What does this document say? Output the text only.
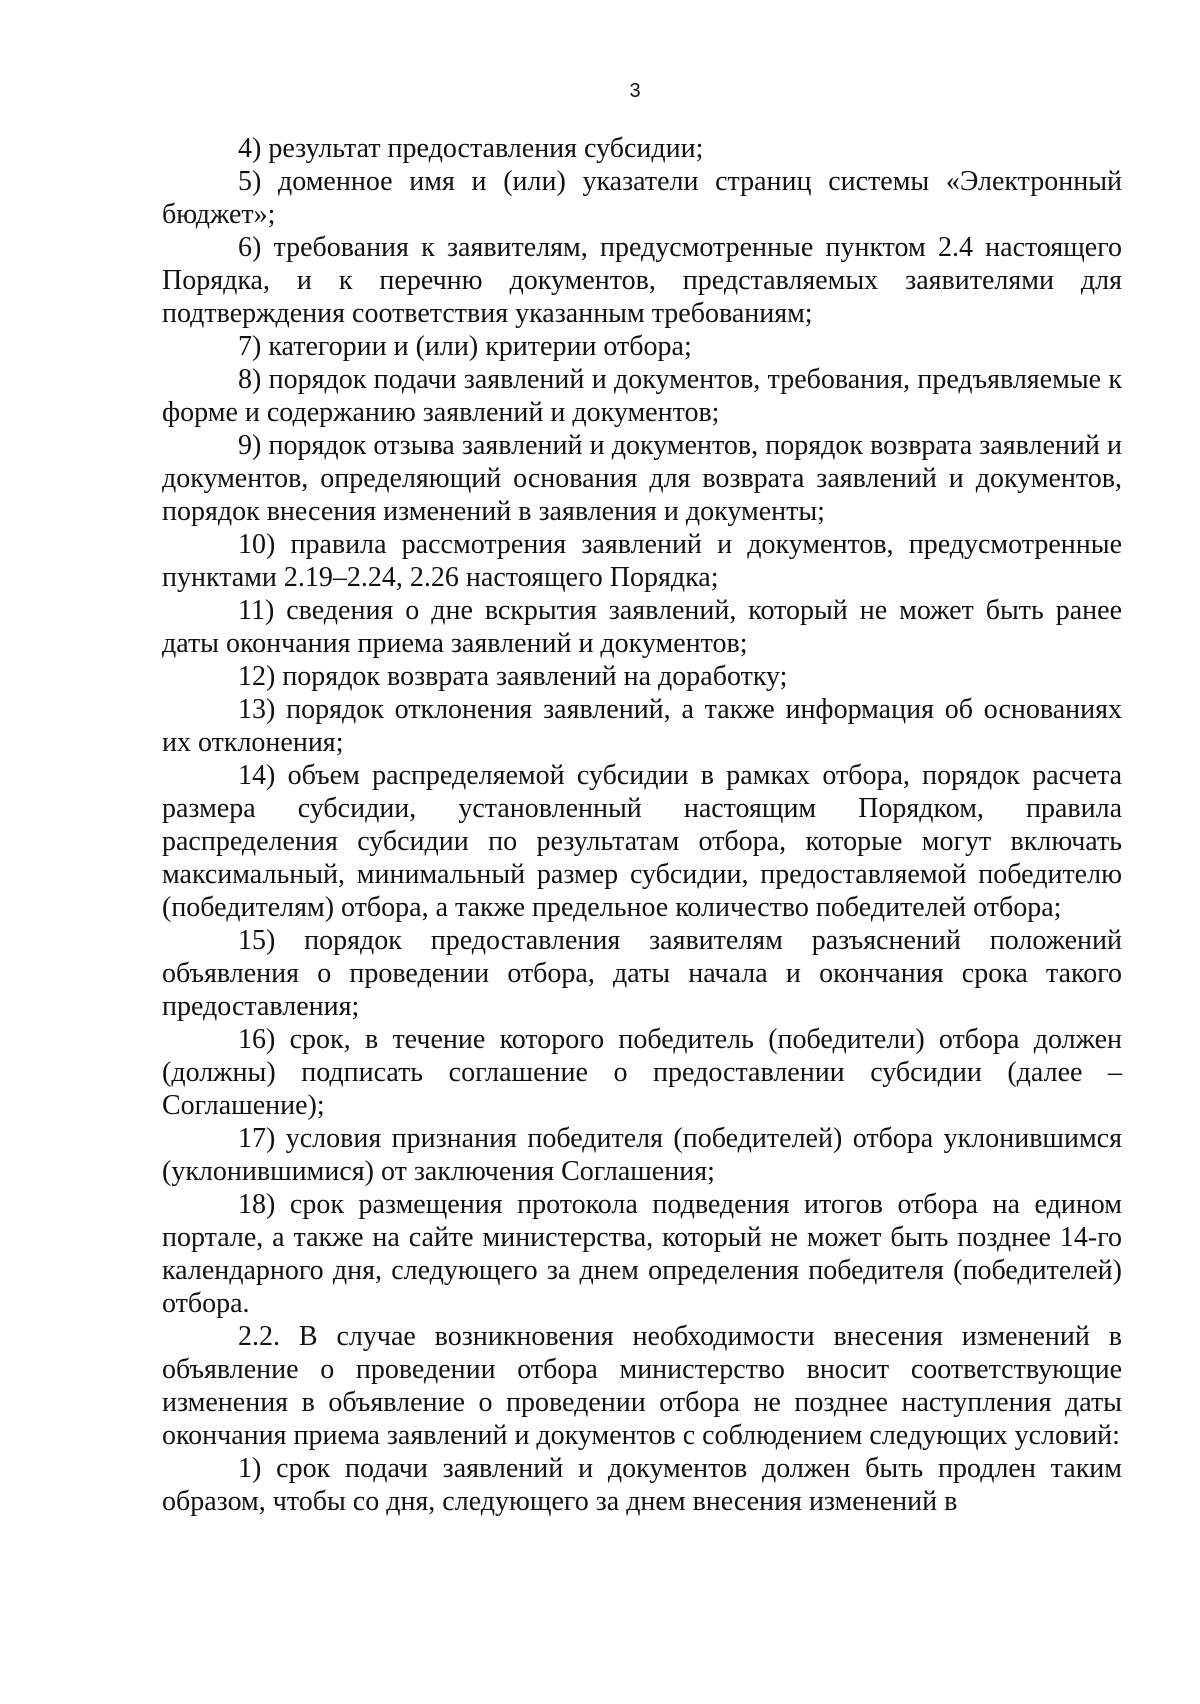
3

4) результат предоставления субсидии;

5) доменное имя и (или) указатели страниц системы «Электронный бюджет»;

6) требования к заявителям, предусмотренные пунктом 2.4 настоящего Порядка, и к перечню документов, представляемых заявителями для подтверждения соответствия указанным требованиям;

7) категории и (или) критерии отбора;

8) порядок подачи заявлений и документов, требования, предъявляемые к форме и содержанию заявлений и документов;

9) порядок отзыва заявлений и документов, порядок возврата заявлений и документов, определяющий основания для возврата заявлений и документов, порядок внесения изменений в заявления и документы;

10) правила рассмотрения заявлений и документов, предусмотренные пунктами 2.19–2.24, 2.26 настоящего Порядка;

11) сведения о дне вскрытия заявлений, который не может быть ранее даты окончания приема заявлений и документов;

12) порядок возврата заявлений на доработку;

13) порядок отклонения заявлений, а также информация об основаниях их отклонения;

14) объем распределяемой субсидии в рамках отбора, порядок расчета размера субсидии, установленный настоящим Порядком, правила распределения субсидии по результатам отбора, которые могут включать максимальный, минимальный размер субсидии, предоставляемой победителю (победителям) отбора, а также предельное количество победителей отбора;

15) порядок предоставления заявителям разъяснений положений объявления о проведении отбора, даты начала и окончания срока такого предоставления;

16) срок, в течение которого победитель (победители) отбора должен (должны) подписать соглашение о предоставлении субсидии (далее – Соглашение);

17) условия признания победителя (победителей) отбора уклонившимся (уклонившимися) от заключения Соглашения;

18) срок размещения протокола подведения итогов отбора на едином портале, а также на сайте министерства, который не может быть позднее 14-го календарного дня, следующего за днем определения победителя (победителей) отбора.

2.2. В случае возникновения необходимости внесения изменений в объявление о проведении отбора министерство вносит соответствующие изменения в объявление о проведении отбора не позднее наступления даты окончания приема заявлений и документов с соблюдением следующих условий:

1) срок подачи заявлений и документов должен быть продлен таким образом, чтобы со дня, следующего за днем внесения изменений в
